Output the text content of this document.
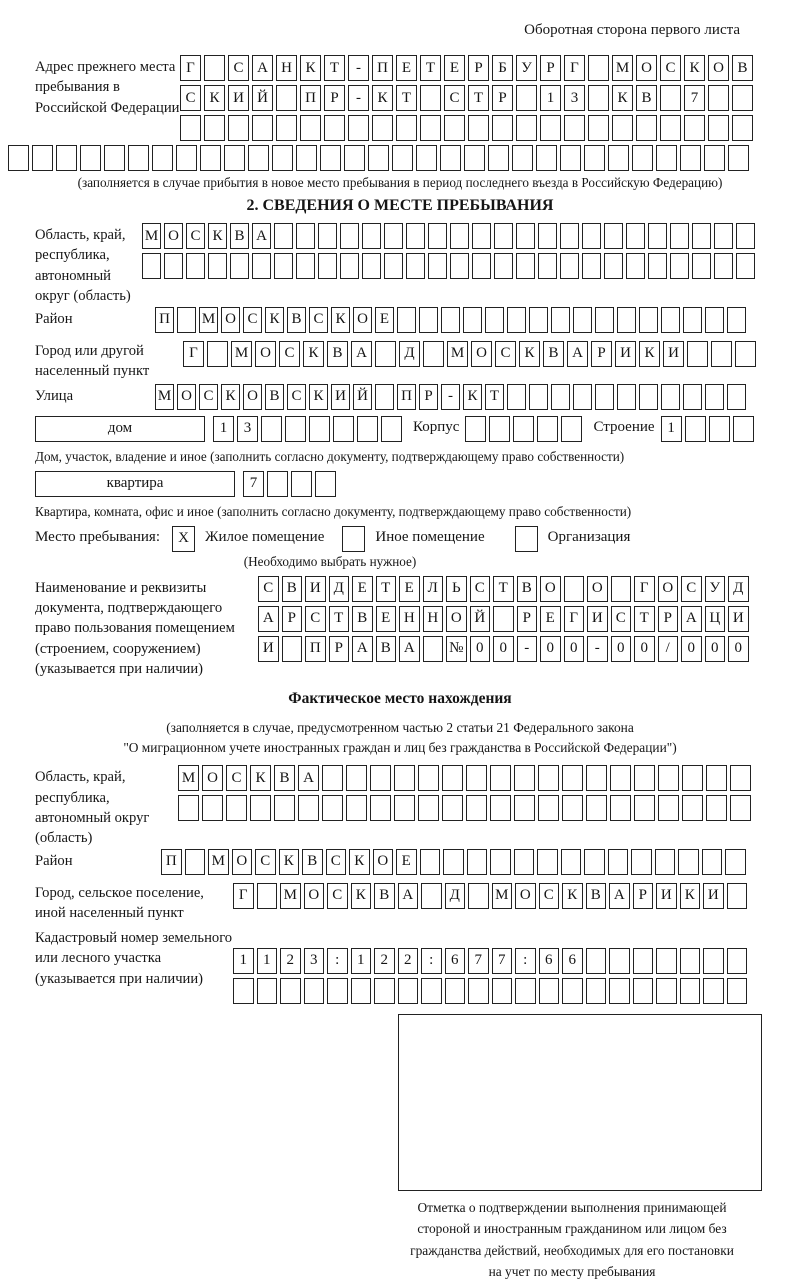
Оборотная сторона первого листа
Адрес прежнего места пребывания в Российской Федерации
Г	С А Н К Т	-	П Е Т Е	Р	Б У Р	Г	М О С К О В
С К И Й	П Р	-	К Т	С Т	Р	1	3	К В	7
(заполняется в случае прибытия в новое место пребывания в период последнего въезда в Российскую Федерацию)
2. СВЕДЕНИЯ О МЕСТЕ ПРЕБЫВАНИЯ
Область, край, республика, автономный округ (область)
М О С К В А
Район	П М О С К В С К О Е
Город или другой населенный пункт
Г	М О С К В А	Д	М О С К В А Р И К И
Улица	М О С К О В С К И Й П Р	- К Т
дом	1	3	Корпус	Строение 1
Дом, участок, владение и иное (заполнить согласно документу, подтверждающему право собственности)
квартира	7
Квартира, комната, офис и иное (заполнить согласно документу, подтверждающему право собственности)
Место пребывания:	X	Жилое помещение	Иное помещение	Организация
(Необходимо выбрать нужное)
Наименование и реквизиты документа, подтверждающего право пользования помещением (строением, сооружением) (указывается при наличии)
С В И Д Е Т Е Л Ь С Т В О	О	Г О С У Д
А Р С Т В Е Н Н О Й	Р Е Г И С Т Р А Ц И
И	П Р А В А	№ 0	0	-	0	0	-	0	0	/	0	0	0
Фактическое место нахождения
(заполняется в случае, предусмотренном частью 2 статьи 21 Федерального закона
"О миграционном учете иностранных граждан и лиц без гражданства в Российской Федерации")
Область, край, республика, автономный округ (область)
М О С К В А
Район	П	М О С К В С К О Е
Город, сельское поселение, иной населенный пункт
Г	М О С К В А	Д	М О С К В А Р И К И
Кадастровый номер земельного или лесного участка (указывается при наличии)
1	1	2	3	:	1	2	2	:	6	7	7	:	6	6
Отметка о подтверждении выполнения принимающей
стороной и иностранным гражданином или лицом без
гражданства действий, необходимых для его постановки
на учет по месту пребывания
